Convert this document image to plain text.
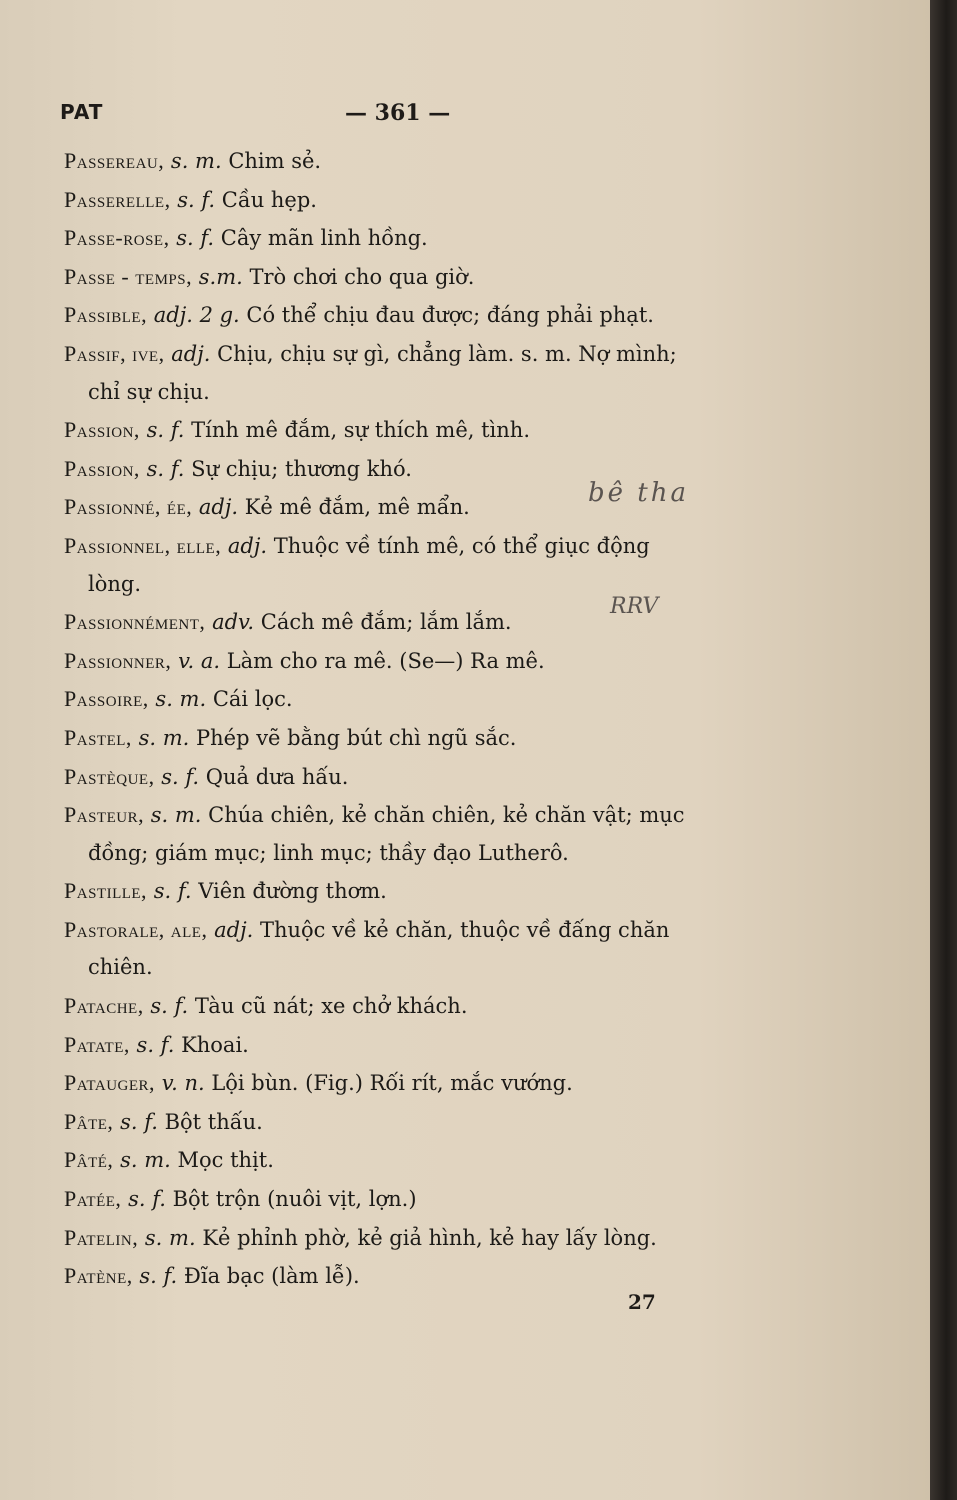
PAT	— 361 —
Passereau, s. m. Chim sẻ.
Passerelle, s. f. Cầu hẹp.
Passe-rose, s. f. Cây mãn linh hồng.
Passe - temps, s.m. Trò chơi cho qua giờ.
Passible, adj. 2 g. Có thể chịu đau được; đáng phải phạt.
Passif, ive, adj. Chịu, chịu sự gì, chẳng làm. s. m. Nợ mình;
chỉ sự chịu.
Passion, s. f. Tính mê đắm, sự thích mê, tình.
Passion, s. f. Sự chịu; thương khó.
Passionné, ée, adj. Kẻ mê đắm, mê mẩn.
Passionnel, elle, adj. Thuộc về tính mê, có thể giục động
lòng.
Passionnément, adv. Cách mê đắm; lắm lắm.
Passionner, v. a. Làm cho ra mê. (Se—) Ra mê.
Passoire, s. m. Cái lọc.
Pastel, s. m. Phép vẽ bằng bút chì ngũ sắc.
Pastèque, s. f. Quả dưa hấu.
Pasteur, s. m. Chúa chiên, kẻ chăn chiên, kẻ chăn vật; mục
đồng; giám mục; linh mục; thầy đạo Lutherô.
Pastille, s. f. Viên đường thơm.
Pastorale, ale, adj. Thuộc về kẻ chăn, thuộc về đấng chăn
chiên.
Patache, s. f. Tàu cũ nát; xe chở khách.
Patate, s. f. Khoai.
Patauger, v. n. Lội bùn. (Fig.) Rối rít, mắc vướng.
Pâte, s. f. Bột thấu.
Pâté, s. m. Mọc thịt.
Patée, s. f. Bột trộn (nuôi vịt, lợn.)
Patelin, s. m. Kẻ phỉnh phờ, kẻ giả hình, kẻ hay lấy lòng.
Patène, s. f. Đĩa bạc (làm lễ).
bê tha
RRV
27
